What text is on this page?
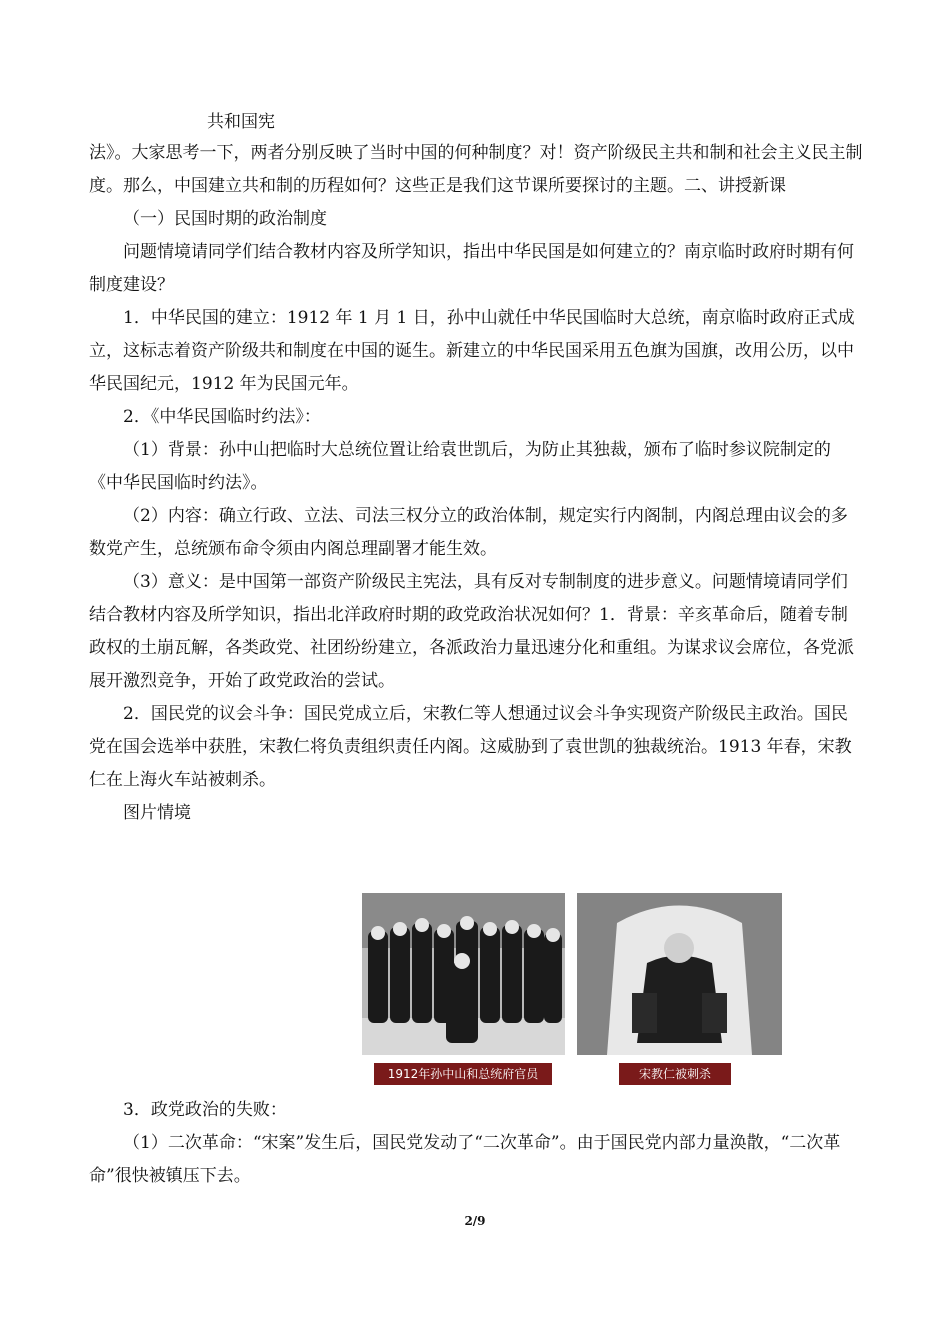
共和国宪

法》。大家思考一下，两者分别反映了当时中国的何种制度？对！资产阶级民主共和制和社会主义民主制度。那么，中国建立共和制的历程如何？这些正是我们这节课所要探讨的主题。二、讲授新课

（一）民国时期的政治制度

问题情境请同学们结合教材内容及所学知识，指出中华民国是如何建立的？南京临时政府时期有何制度建设？

1．中华民国的建立：1912 年 1 月 1 日，孙中山就任中华民国临时大总统，南京临时政府正式成立，这标志着资产阶级共和制度在中国的诞生。新建立的中华民国采用五色旗为国旗，改用公历，以中华民国纪元，1912 年为民国元年。

2．《中华民国临时约法》：

（1）背景：孙中山把临时大总统位置让给袁世凯后，为防止其独裁，颁布了临时参议院制定的《中华民国临时约法》。

（2）内容：确立行政、立法、司法三权分立的政治体制，规定实行内阁制，内阁总理由议会的多数党产生，总统颁布命令须由内阁总理副署才能生效。

（3）意义：是中国第一部资产阶级民主宪法，具有反对专制制度的进步意义。问题情境请同学们结合教材内容及所学知识，指出北洋政府时期的政党政治状况如何？1．背景：辛亥革命后，随着专制政权的土崩瓦解，各类政党、社团纷纷建立，各派政治力量迅速分化和重组。为谋求议会席位，各党派展开激烈竞争，开始了政党政治的尝试。

2．国民党的议会斗争：国民党成立后，宋教仁等人想通过议会斗争实现资产阶级民主政治。国民党在国会选举中获胜，宋教仁将负责组织责任内阁。这威胁到了袁世凯的独裁统治。1913 年春，宋教仁在上海火车站被刺杀。

图片情境

1912年孙中山和总统府官员	宋教仁被刺杀

3．政党政治的失败：

（1）二次革命：“宋案”发生后，国民党发动了“二次革命”。由于国民党内部力量涣散，“二次革命”很快被镇压下去。

2/9
